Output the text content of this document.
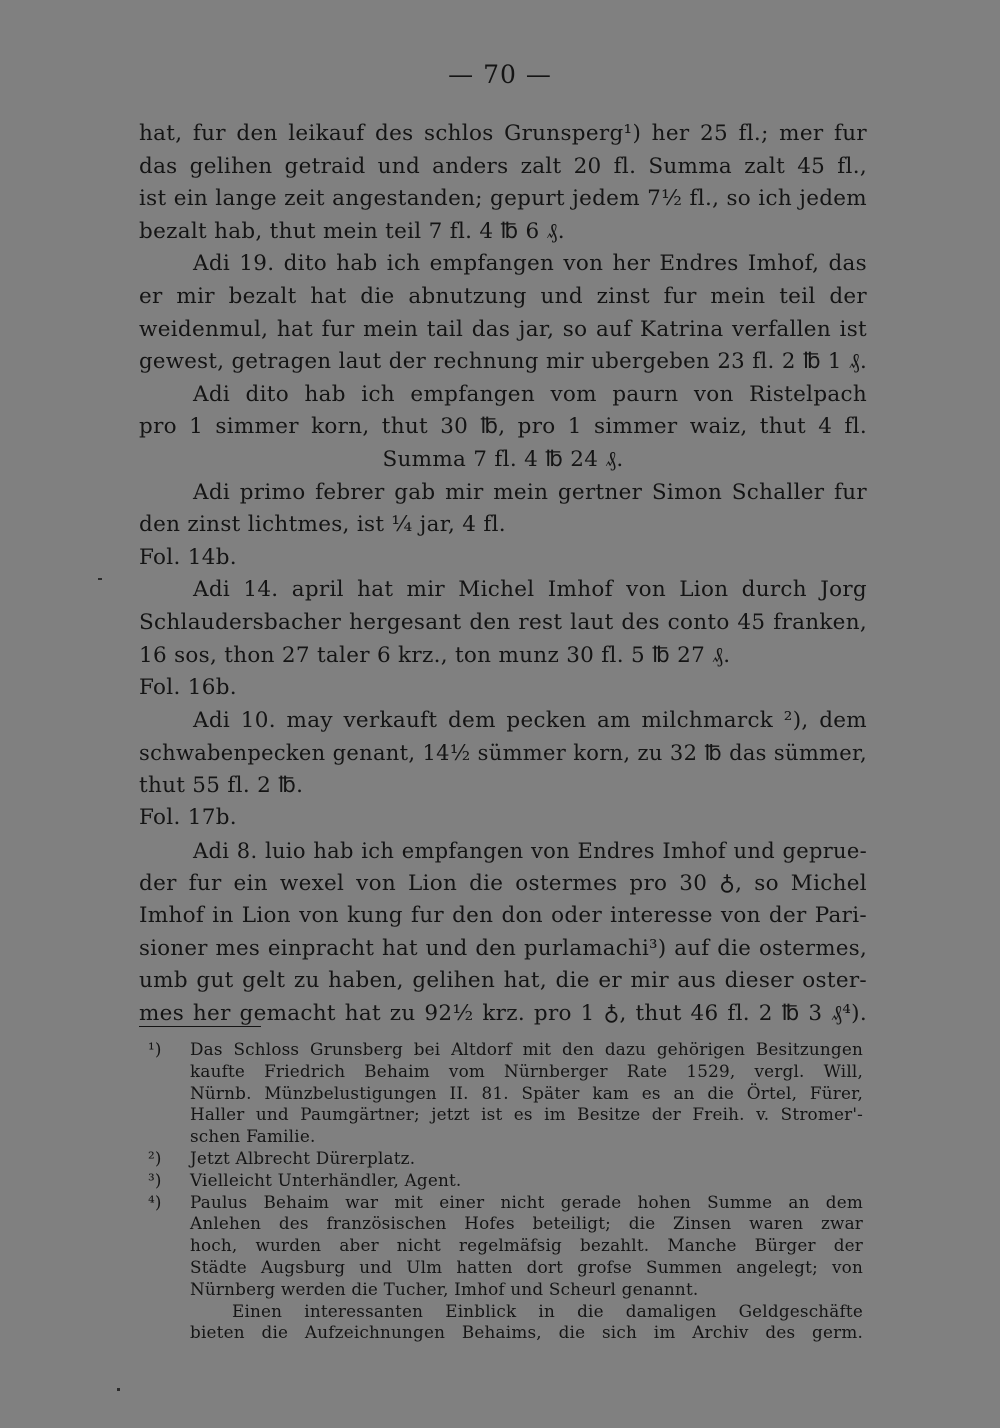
— 70 —
hat, fur den leikauf des schlos Grunsperg¹) her 25 fl.; mer fur
das gelihen getraid und anders zalt 20 fl. Summa zalt 45 fl.,
ist ein lange zeit angestanden; gepurt jedem 7½ fl., so ich jedem
bezalt hab, thut mein teil 7 fl. 4 ℔ 6 ₰.
Adi 19. dito hab ich empfangen von her Endres Imhof, das
er mir bezalt hat die abnutzung und zinst fur mein teil der
weidenmul, hat fur mein tail das jar, so auf Katrina verfallen ist
gewest, getragen laut der rechnung mir ubergeben 23 fl. 2 ℔ 1 ₰.
Adi dito hab ich empfangen vom paurn von Ristelpach
pro 1 simmer korn, thut 30 ℔, pro 1 simmer waiz, thut 4 fl.
Summa 7 fl. 4 ℔ 24 ₰.
Adi primo febrer gab mir mein gertner Simon Schaller fur
den zinst lichtmes, ist ¼ jar, 4 fl.
Fol. 14b.
Adi 14. april hat mir Michel Imhof von Lion durch Jorg
Schlaudersbacher hergesant den rest laut des conto 45 franken,
16 sos, thon 27 taler 6 krz., ton munz 30 fl. 5 ℔ 27 ₰.
Fol. 16b.
Adi 10. may verkauft dem pecken am milchmarck ²), dem
schwabenpecken genant, 14½ sümmer korn, zu 32 ℔ das sümmer,
thut 55 fl. 2 ℔.
Fol. 17b.
Adi 8. luio hab ich empfangen von Endres Imhof und geprue-
der fur ein wexel von Lion die ostermes pro 30 ♁, so Michel
Imhof in Lion von kung fur den don oder interesse von der Pari-
sioner mes einpracht hat und den purlamachi³) auf die ostermes,
umb gut gelt zu haben, gelihen hat, die er mir aus dieser oster-
mes her gemacht hat zu 92½ krz. pro 1 ♁, thut 46 fl. 2 ℔ 3 ₰⁴).
¹) Das Schloss Grunsberg bei Altdorf mit den dazu gehörigen Besitzungen
kaufte Friedrich Behaim vom Nürnberger Rate 1529, vergl. Will,
Nürnb. Münzbelustigungen II. 81. Später kam es an die Örtel, Fürer,
Haller und Paumgärtner; jetzt ist es im Besitze der Freih. v. Stromer'-
schen Familie.
²) Jetzt Albrecht Dürerplatz.
³) Vielleicht Unterhändler, Agent.
⁴) Paulus Behaim war mit einer nicht gerade hohen Summe an dem
Anlehen des französischen Hofes beteiligt; die Zinsen waren zwar
hoch, wurden aber nicht regelmäfsig bezahlt. Manche Bürger der
Städte Augsburg und Ulm hatten dort grofse Summen angelegt; von
Nürnberg werden die Tucher, Imhof und Scheurl genannt.
Einen interessanten Einblick in die damaligen Geldgeschäfte
bieten die Aufzeichnungen Behaims, die sich im Archiv des germ.
